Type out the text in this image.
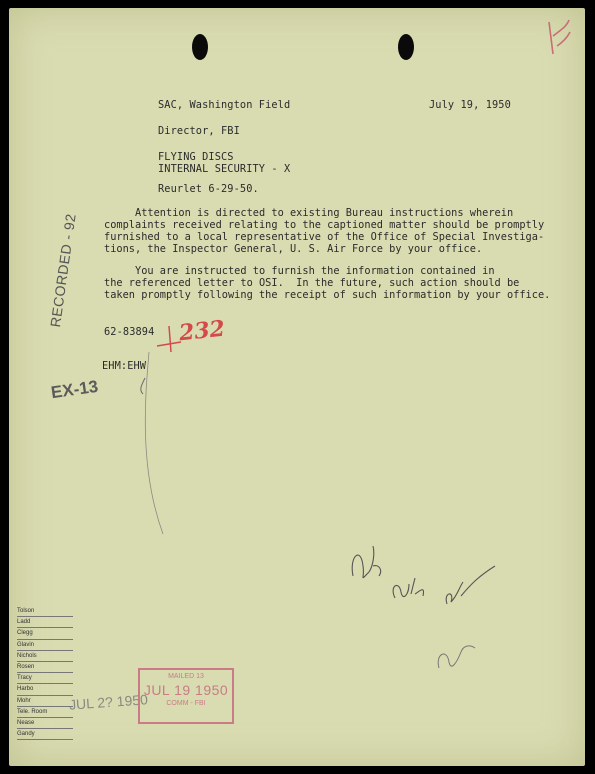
SAC, Washington Field	July 19, 1950
Director, FBI
FLYING DISCS
INTERNAL SECURITY - X
Reurlet 6-29-50.
Attention is directed to existing Bureau instructions wherein
complaints received relating to the captioned matter should be promptly
furnished to a local representative of the Office of Special Investiga-
tions, the Inspector General, U. S. Air Force by your office.
You are instructed to furnish the information contained in
the referenced letter to OSI.  In the future, such action should be
taken promptly following the receipt of such information by your office.
62-83894 232
EHM:EHW
RECORDED - 92
EX-13
Tolson
Ladd
Clegg
Glavin
Nichols
Rosen
Tracy
Harbo
Mohr
Tele. Room
Nease
Gandy
JUL 2? 1950
MAILED 13
JUL 19 1950
COMM - FBI
